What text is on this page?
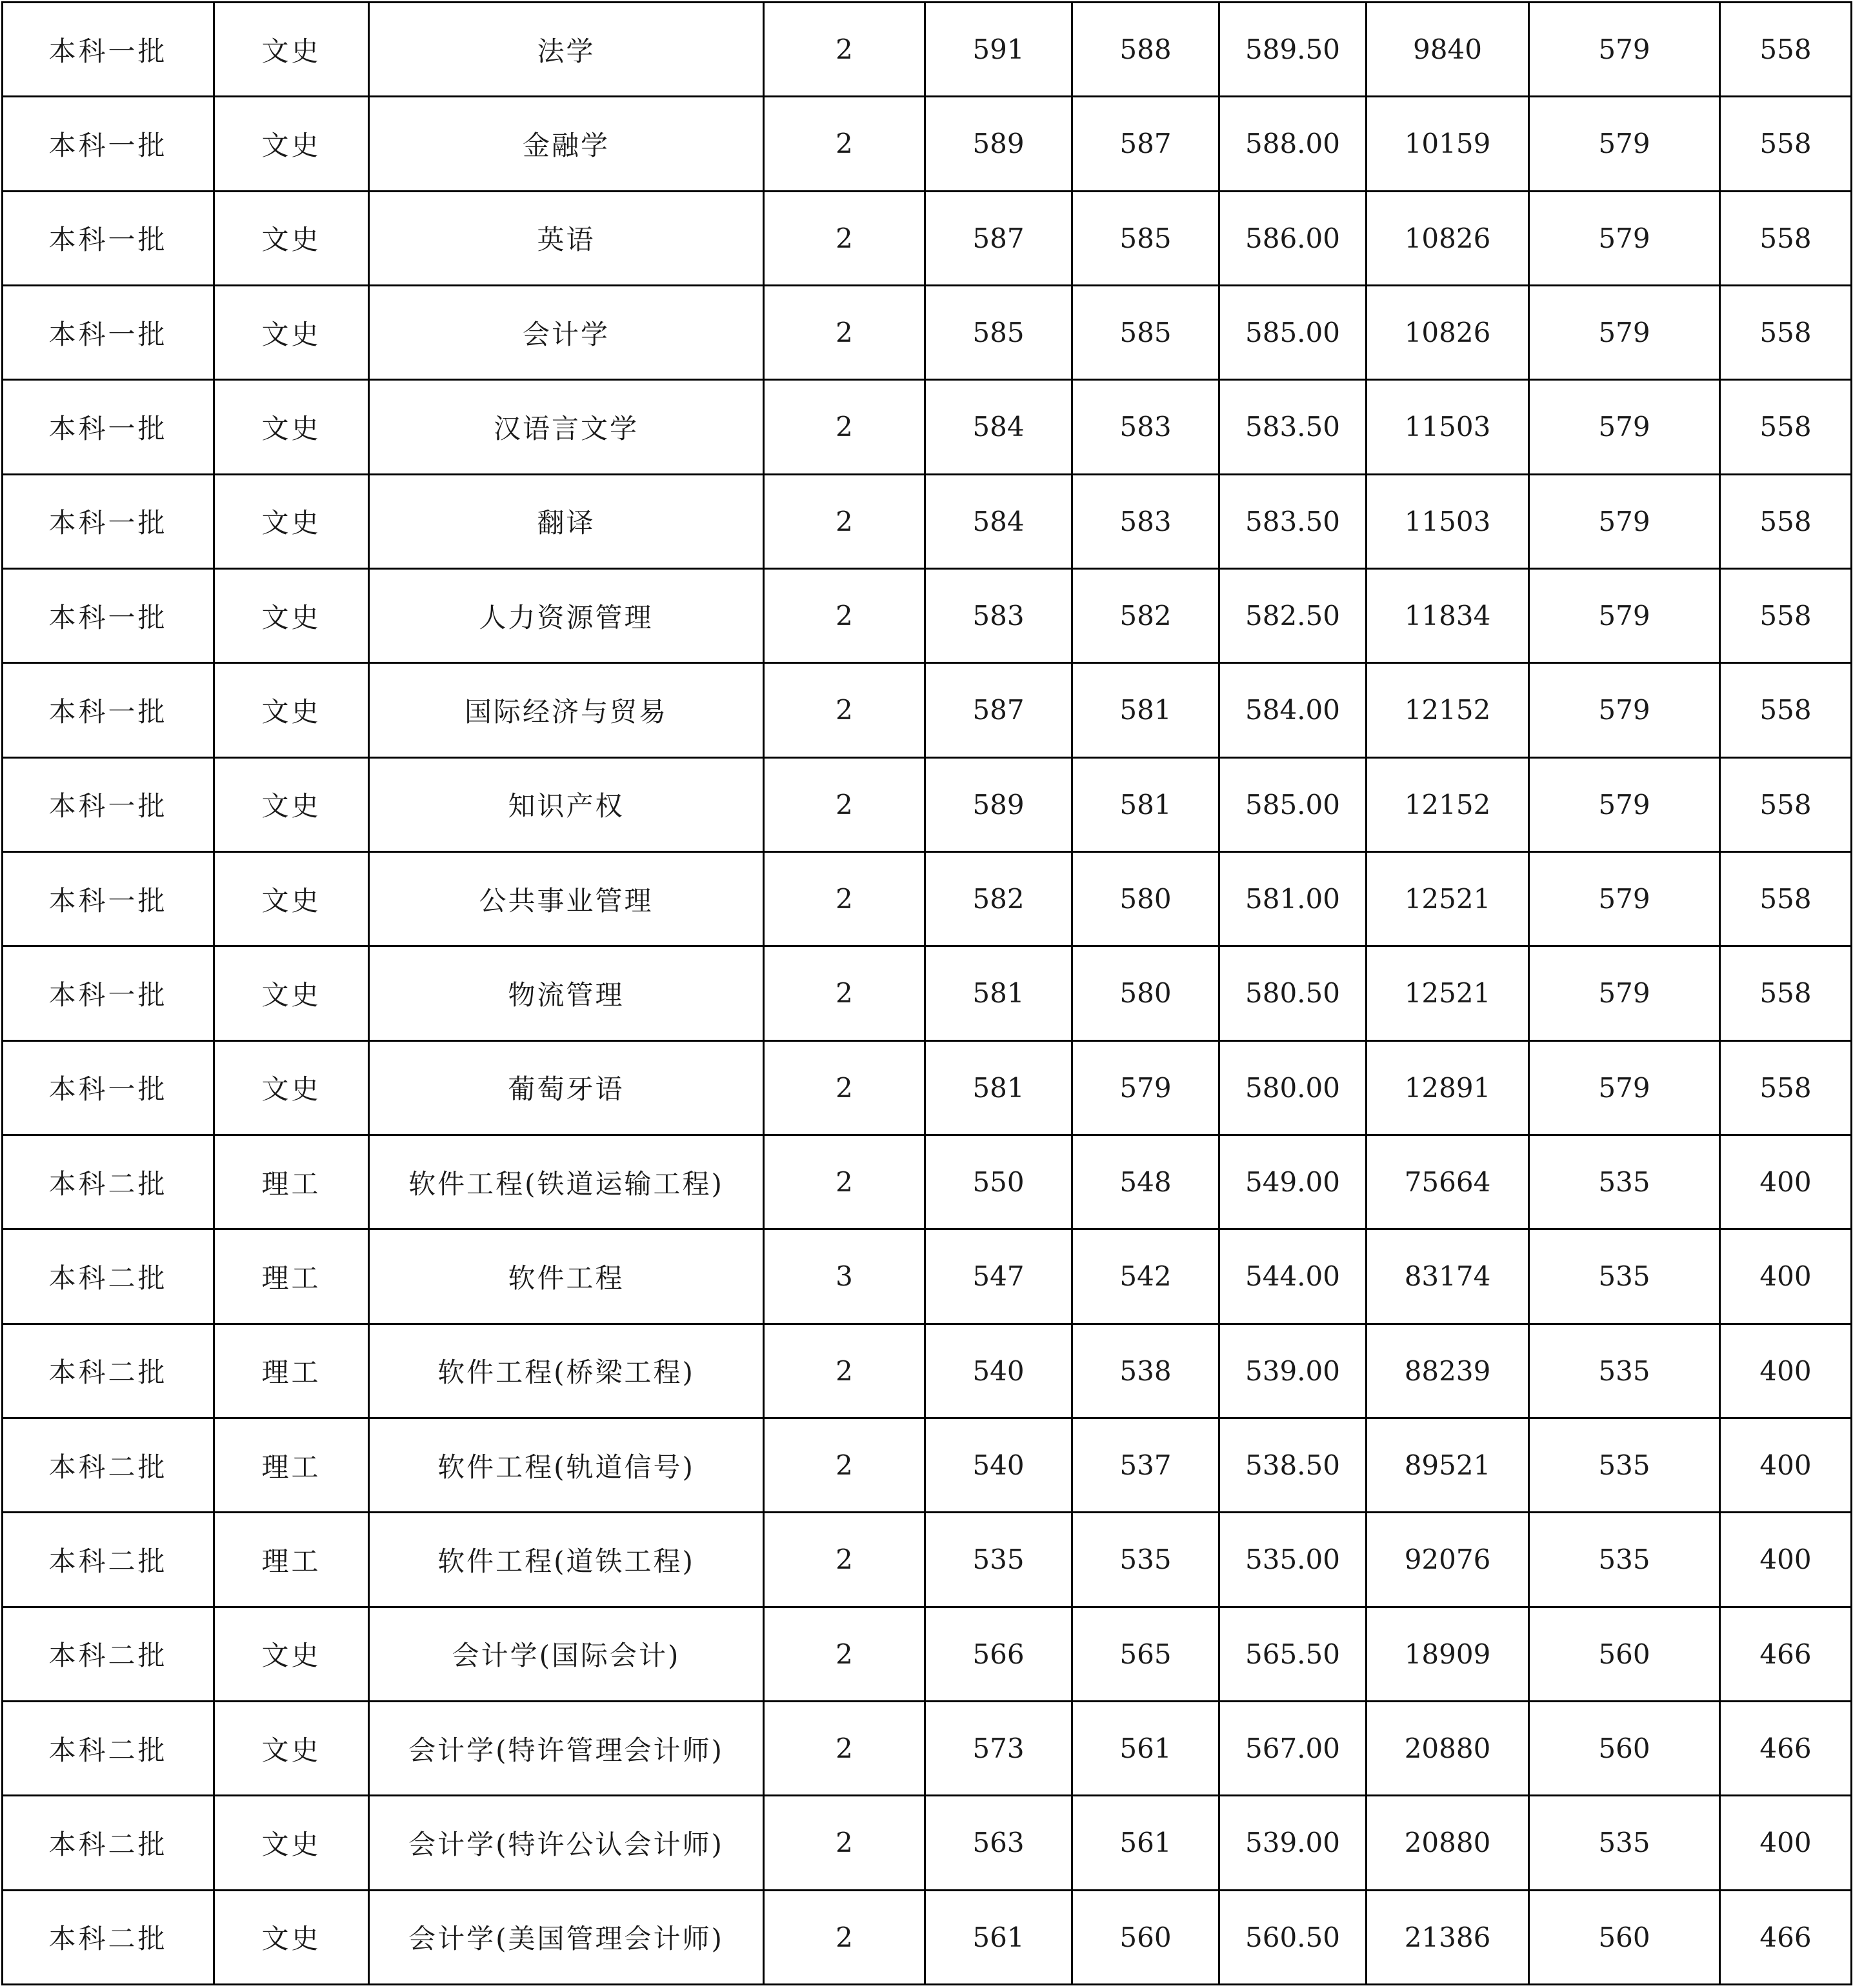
本科一批	文史	法学	2	591	588	589.50	9840	579	558
本科一批	文史	金融学	2	589	587	588.00	10159	579	558
本科一批	文史	英语	2	587	585	586.00	10826	579	558
本科一批	文史	会计学	2	585	585	585.00	10826	579	558
本科一批	文史	汉语言文学	2	584	583	583.50	11503	579	558
本科一批	文史	翻译	2	584	583	583.50	11503	579	558
本科一批	文史	人力资源管理	2	583	582	582.50	11834	579	558
本科一批	文史	国际经济与贸易	2	587	581	584.00	12152	579	558
本科一批	文史	知识产权	2	589	581	585.00	12152	579	558
本科一批	文史	公共事业管理	2	582	580	581.00	12521	579	558
本科一批	文史	物流管理	2	581	580	580.50	12521	579	558
本科一批	文史	葡萄牙语	2	581	579	580.00	12891	579	558
本科二批	理工	软件工程(铁道运输工程)	2	550	548	549.00	75664	535	400
本科二批	理工	软件工程	3	547	542	544.00	83174	535	400
本科二批	理工	软件工程(桥梁工程)	2	540	538	539.00	88239	535	400
本科二批	理工	软件工程(轨道信号)	2	540	537	538.50	89521	535	400
本科二批	理工	软件工程(道铁工程)	2	535	535	535.00	92076	535	400
本科二批	文史	会计学(国际会计)	2	566	565	565.50	18909	560	466
本科二批	文史	会计学(特许管理会计师)	2	573	561	567.00	20880	560	466
本科二批	文史	会计学(特许公认会计师)	2	563	561	539.00	20880	535	400
本科二批	文史	会计学(美国管理会计师)	2	561	560	560.50	21386	560	466
